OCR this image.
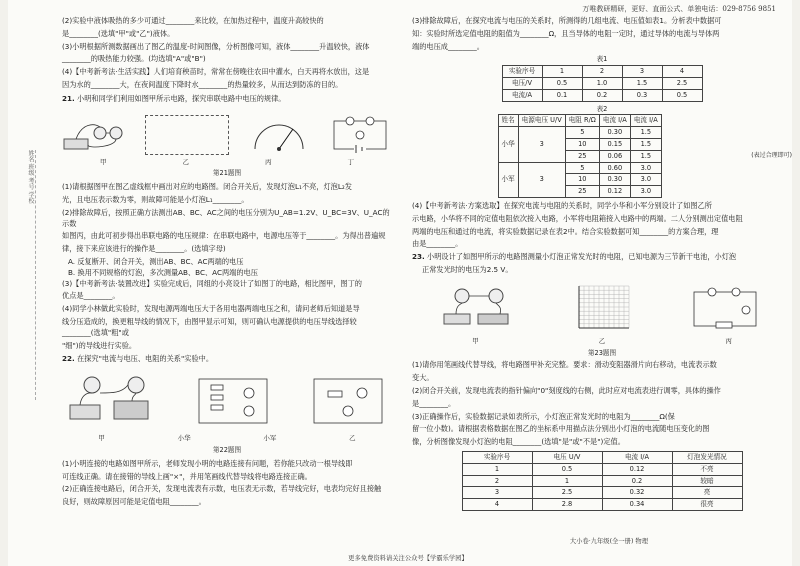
万唯教研精研，更好、直面公式、单独电话：029-8756 9851
姓名 班级 考号 学校
(2)实验中液体吸热的多少可通过________来比较，在加热过程中，温度升高较快的
是________(选填"甲"或"乙")液体。
(3)小明根据所测数据画出了图乙的温度-时间图像，分析图像可知，液体________升温较快，液体
________的吸热能力较强。(均选填"A"或"B")
(4)【中考新考法·生活实践】人们培育秧苗时，常常在傍晚往农田中灌水，白天再将水放出，这是
因为水的________大，在夜间温度下降时水________的热量较多，从而达到防冻的目的。
21. 小明和同学们利用如图甲所示电路，探究串联电路中电压的规律。
甲	乙	丙	丁
第21题图
(1)请根据图甲在图乙虚线框中画出对应的电路图。闭合开关后，发现灯泡L₁不亮，灯泡L₂发
光，且电压表示数为零，则故障可能是小灯泡L₁________。
(2)排除故障后，按照正确方法测出AB、BC、AC之间的电压分别为U_AB=1.2V、U_BC=3V、U_AC的示数
如图丙，由此可初步得出串联电路的电压规律：在串联电路中，电源电压等于________。为得出普遍规
律，接下来应该进行的操作是________。(选填字母)
A. 反复断开、闭合开关，测出AB、BC、AC两端的电压
B. 换用不同规格的灯泡，多次测量AB、BC、AC两端的电压
(3)【中考新考法·装置改进】实验完成后，同组的小亮设计了如图丁的电路，相比图甲，图丁的
优点是________。
(4)同学小林做此实验时，发现电源两端电压大于各用电器两端电压之和，请问老师后知道是导
线分压造成的，换更粗导线的情况下，由图甲显示可知，则可确认电源提供的电压导线选择较________(选填"粗"或
"细")的导线进行实验。
22. 在探究"电流与电压、电阻的关系"实验中。
甲	小华	小军	乙
第22题图
(1)小明连接的电路如图甲所示，老师发现小明的电路连接有问题，若你能只改动一根导线即
可连线正确。请在接错的导线上画"×"，并用笔画线代替导线将电路连接正确。
(2)正确连接电路后，闭合开关，发现电流表有示数，电压表无示数，若导线完好，电表均完好且接触
良好，则故障原因可能是定值电阻________。
(3)排除故障后，在探究电流与电压的关系时，所测得的几组电流、电压值如表1。分析表中数据可
知：实验时所选定值电阻的阻值为________Ω，且当导体的电阻一定时，通过导体的电流与导体两
端的电压成________。
表1
实验序号	1	2	3	4
电压/V	0.5	1.0	1.5	2.5
电流/A	0.1	0.2	0.3	0.5
表2
姓名	电源电压 U/V	电阻 R/Ω	电流 I/A	电流 I/A
小华	3	5	0.30	1.5
		10	0.15	1.5
		25	0.06	1.5
小军	3	5	0.60	3.0
		10	0.30	3.0
		25	0.12	3.0
(表过合理即可)
(4)【中考新考法·方案选取】在探究电流与电阻的关系时，同学小华和小军分别设计了如图乙所
示电路，小华将不同的定值电阻依次接入电路，小军将电阻箱接入电路中的两端。二人分别测出定值电阻
两端的电压和通过的电流，将实验数据记录在表2中。结合实验数据可知________的方案合理，理
由是________。
23. 小明设计了如图甲所示的电路图测量小灯泡正常发光时的电阻，已知电源为三节新干电池，小灯泡
正常发光时的电压为2.5 V。
甲	乙	丙
第23题图
(1)请你用笔画线代替导线，将电路图甲补充完整。要求：滑动变阻器滑片向右移动，电流表示数
变大。
(2)闭合开关前，发现电流表的指针偏向"0"刻度线的右侧，此时应对电流表进行调零，具体的操作
是________。
(3)正确操作后，实验数据记录如表所示，小灯泡正常发光时的电阻为________Ω(保
留一位小数)。请根据表格数据在图乙的坐标系中用描点法分别出小灯泡的电流随电压变化的图
像，分析图像发现小灯泡的电阻________(选填"是"或"不是")定值。
实验序号	电压 U/V	电流 I/A	灯泡发光情况
1	0.5	0.12	不亮
2	1	0.2	较暗
3	2.5	0.32	亮
4	2.8	0.34	很亮
大小卷·九年级(全一册) 物理
更多免费资料请关注公众号【学霸乐学园】
